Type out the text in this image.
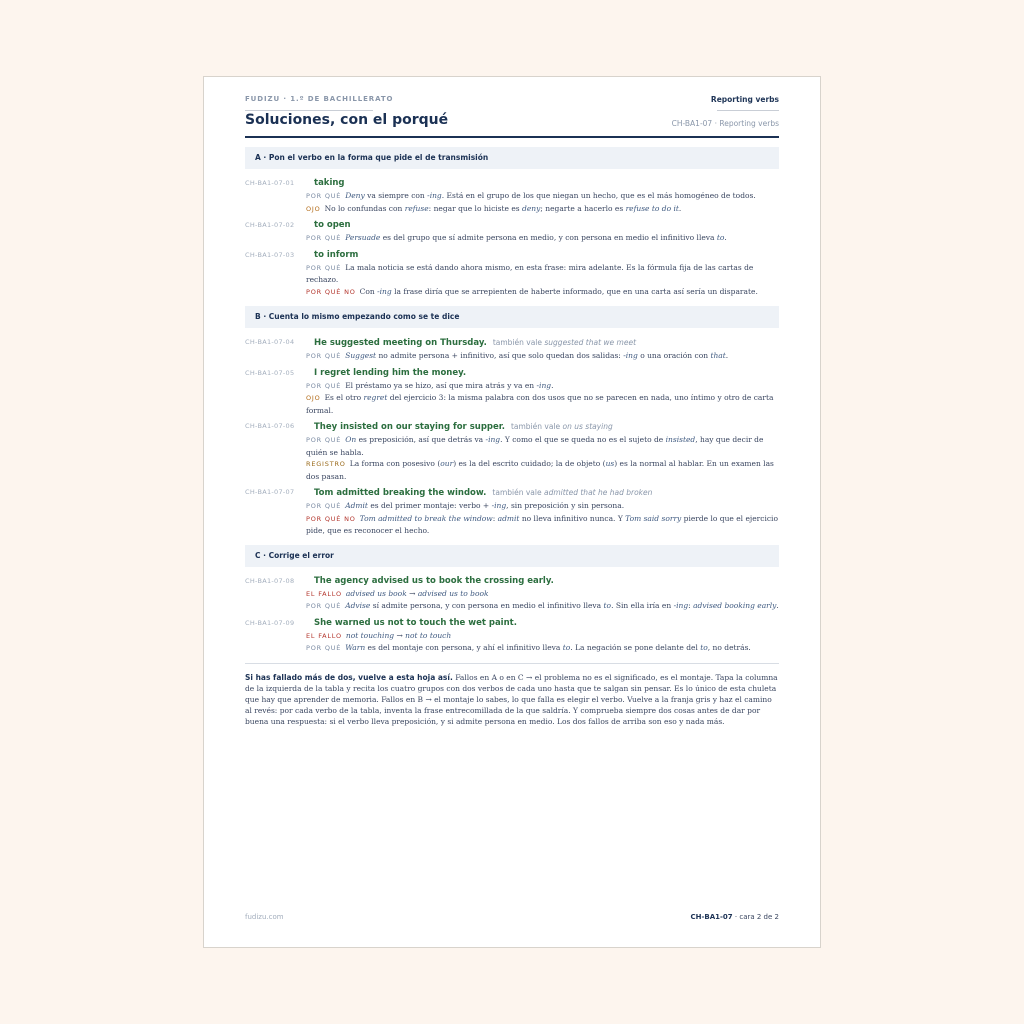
FUDIZU · 1.º DE BACHILLERATO	Reporting verbs
Soluciones, con el porqué	CH-BA1-07 · Reporting verbs
A · Pon el verbo en la forma que pide el de transmisión
CH-BA1-07-01 taking
POR QUÉ Deny va siempre con -ing. Está en el grupo de los que niegan un hecho, que es el más homogéneo de todos.
OJO No lo confundas con refuse: negar que lo hiciste es deny; negarte a hacerlo es refuse to do it.
CH-BA1-07-02 to open
POR QUÉ Persuade es del grupo que sí admite persona en medio, y con persona en medio el infinitivo lleva to.
CH-BA1-07-03 to inform
POR QUÉ La mala noticia se está dando ahora mismo, en esta frase: mira adelante. Es la fórmula fija de las cartas de rechazo.
POR QUÉ NO Con -ing la frase diría que se arrepienten de haberte informado, que en una carta así sería un disparate.
B · Cuenta lo mismo empezando como se te dice
CH-BA1-07-04 He suggested meeting on Thursday. también vale suggested that we meet
POR QUÉ Suggest no admite persona + infinitivo, así que solo quedan dos salidas: -ing o una oración con that.
CH-BA1-07-05 I regret lending him the money.
POR QUÉ El préstamo ya se hizo, así que mira atrás y va en -ing.
OJO Es el otro regret del ejercicio 3: la misma palabra con dos usos que no se parecen en nada, uno íntimo y otro de carta formal.
CH-BA1-07-06 They insisted on our staying for supper. también vale on us staying
POR QUÉ On es preposición, así que detrás va -ing. Y como el que se queda no es el sujeto de insisted, hay que decir de quién se habla.
REGISTRO La forma con posesivo (our) es la del escrito cuidado; la de objeto (us) es la normal al hablar. En un examen las dos pasan.
CH-BA1-07-07 Tom admitted breaking the window. también vale admitted that he had broken
POR QUÉ Admit es del primer montaje: verbo + -ing, sin preposición y sin persona.
POR QUÉ NO Tom admitted to break the window: admit no lleva infinitivo nunca. Y Tom said sorry pierde lo que el ejercicio pide, que es reconocer el hecho.
C · Corrige el error
CH-BA1-07-08 The agency advised us to book the crossing early.
EL FALLO advised us book → advised us to book
POR QUÉ Advise sí admite persona, y con persona en medio el infinitivo lleva to. Sin ella iría en -ing: advised booking early.
CH-BA1-07-09 She warned us not to touch the wet paint.
EL FALLO not touching → not to touch
POR QUÉ Warn es del montaje con persona, y ahí el infinitivo lleva to. La negación se pone delante del to, no detrás.
Si has fallado más de dos, vuelve a esta hoja así. Fallos en A o en C → el problema no es el significado, es el montaje. Tapa la columna de la izquierda de la tabla y recita los cuatro grupos con dos verbos de cada uno hasta que te salgan sin pensar. Es lo único de esta chuleta que hay que aprender de memoria. Fallos en B → el montaje lo sabes, lo que falla es elegir el verbo. Vuelve a la franja gris y haz el camino al revés: por cada verbo de la tabla, inventa la frase entrecomillada de la que saldría. Y comprueba siempre dos cosas antes de dar por buena una respuesta: si el verbo lleva preposición, y si admite persona en medio. Los dos fallos de arriba son eso y nada más.
fudizu.com	CH-BA1-07 · cara 2 de 2
